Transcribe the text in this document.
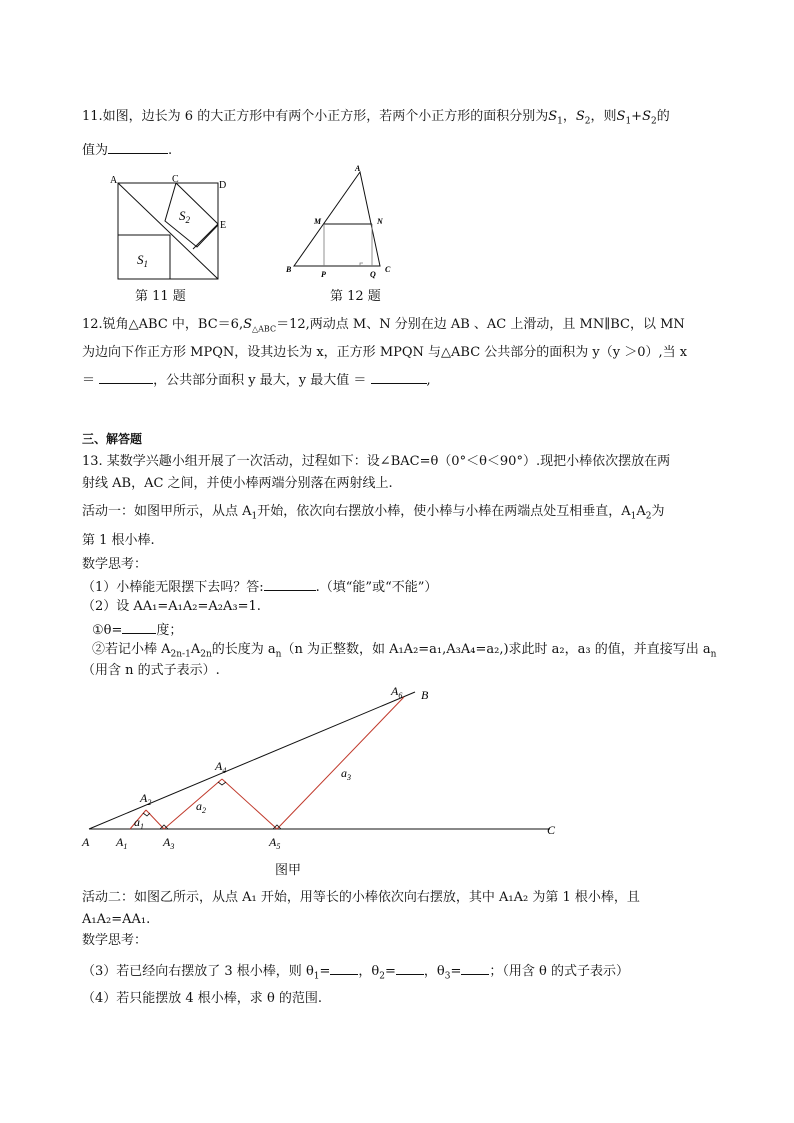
11.如图，边长为 6 的大正方形中有两个小正方形，若两个小正方形的面积分别为$S_1$，$S_2$，则$S_1+S_2$的
值为	.
A	C
D
E
$S_1$
$S_2$
第 11 题
A
M	N
B
P	Q
C
第 12 题
12.锐角△ABC 中，$BC=6,S_{\triangle ABC}=12$,两动点 M、N 分别在边 AB 、AC 上滑动，且 MN∥BC，以 MN
为边向下作正方形 MPQN，设其边长为 x，正方形 MPQN 与△ABC 公共部分的面积为 y（y ＞0）,当 x
＝	，公共部分面积 y 最大，y 最大值 ＝	,
三、解答题
13. 某数学兴趣小组开展了一次活动，过程如下：设∠BAC=θ（0°＜θ＜90°）.现把小棒依次摆放在两
射线 AB，AC 之间，并使小棒两端分别落在两射线上.
活动一：如图甲所示，从点 $A_1$开始，依次向右摆放小棒，使小棒与小棒在两端点处互相垂直，$A_1A_2$为
第 1 根小棒.
数学思考：
（1）小棒能无限摆下去吗？答:	.（填“能”或“不能”）
（2）设 AA₁=A₁A₂=A₂A₃=1.
①θ=	度；
②若记小棒 $A_{2n-1}A_{2n}$的长度为 $a_n(n$ 为正整数，如 A₁A₂=a₁,A₃A₄=a₂,)求此时 a₂，a₃ 的值，并直接写出 $a_n$
（用含 n 的式子表示）.
A $A_1$
$A_2$
$A_3$
$A_4$
$A_5$
$A_6$ B
C
$a_1$
$a_2$
$a_3$
图甲
活动二：如图乙所示，从点 A₁ 开始，用等长的小棒依次向右摆放，其中 A₁A₂ 为第 1 根小棒，且
A₁A₂=AA₁.
数学思考：
（3）若已经向右摆放了 3 根小棒，则 $\theta_1=$ ，$\theta_2=$ ，$\theta_3=$ ；（用含 θ 的式子表示）
（4）若只能摆放 4 根小棒，求 θ 的范围.
